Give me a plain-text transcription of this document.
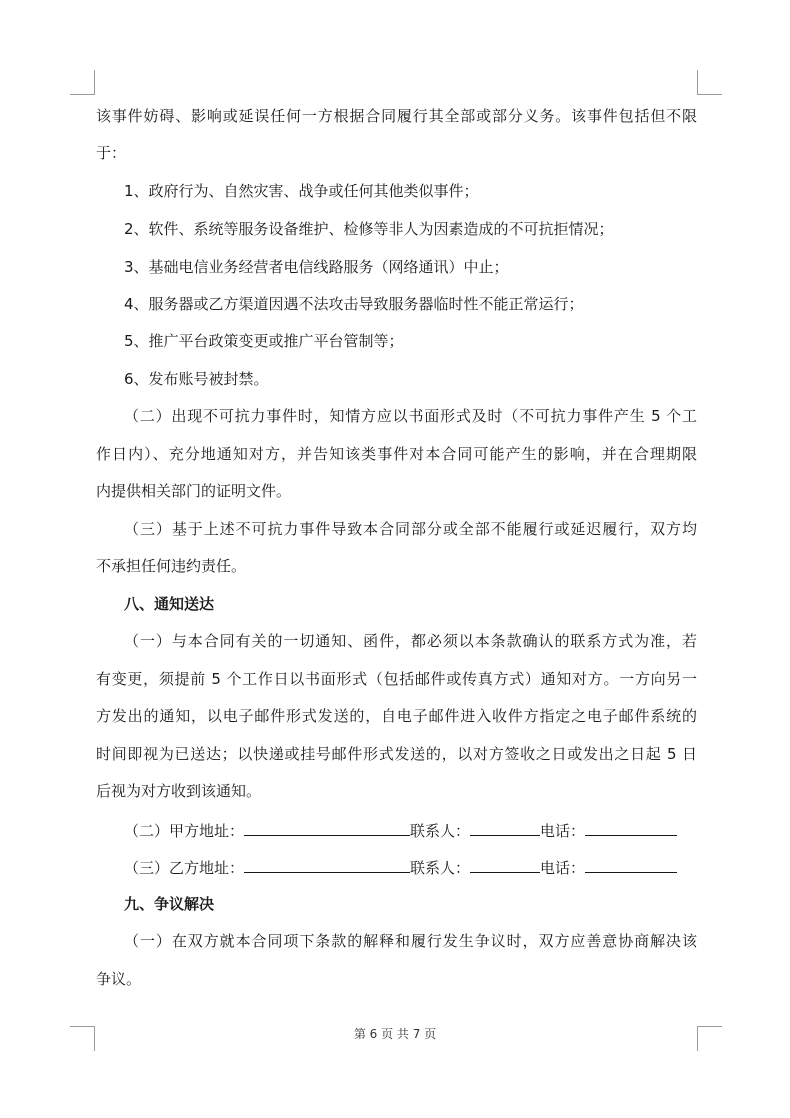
该事件妨碍、影响或延误任何一方根据合同履行其全部或部分义务。该事件包括但不限
于：
1、政府行为、自然灾害、战争或任何其他类似事件；
2、软件、系统等服务设备维护、检修等非人为因素造成的不可抗拒情况；
3、基础电信业务经营者电信线路服务（网络通讯）中止；
4、服务器或乙方渠道因遇不法攻击导致服务器临时性不能正常运行；
5、推广平台政策变更或推广平台管制等；
6、发布账号被封禁。
（二）出现不可抗力事件时，知情方应以书面形式及时（不可抗力事件产生 5 个工
作日内）、充分地通知对方，并告知该类事件对本合同可能产生的影响，并在合理期限
内提供相关部门的证明文件。
（三）基于上述不可抗力事件导致本合同部分或全部不能履行或延迟履行，双方均
不承担任何违约责任。
八、通知送达
（一）与本合同有关的一切通知、函件，都必须以本条款确认的联系方式为准，若
有变更，须提前 5 个工作日以书面形式（包括邮件或传真方式）通知对方。一方向另一
方发出的通知，以电子邮件形式发送的，自电子邮件进入收件方指定之电子邮件系统的
时间即视为已送达；以快递或挂号邮件形式发送的，以对方签收之日或发出之日起 5 日
后视为对方收到该通知。
（二）甲方地址：	联系人：	电话：
（三）乙方地址：	联系人：	电话：
九、争议解决
（一）在双方就本合同项下条款的解释和履行发生争议时，双方应善意协商解决该
争议。
第 6 页 共 7 页
